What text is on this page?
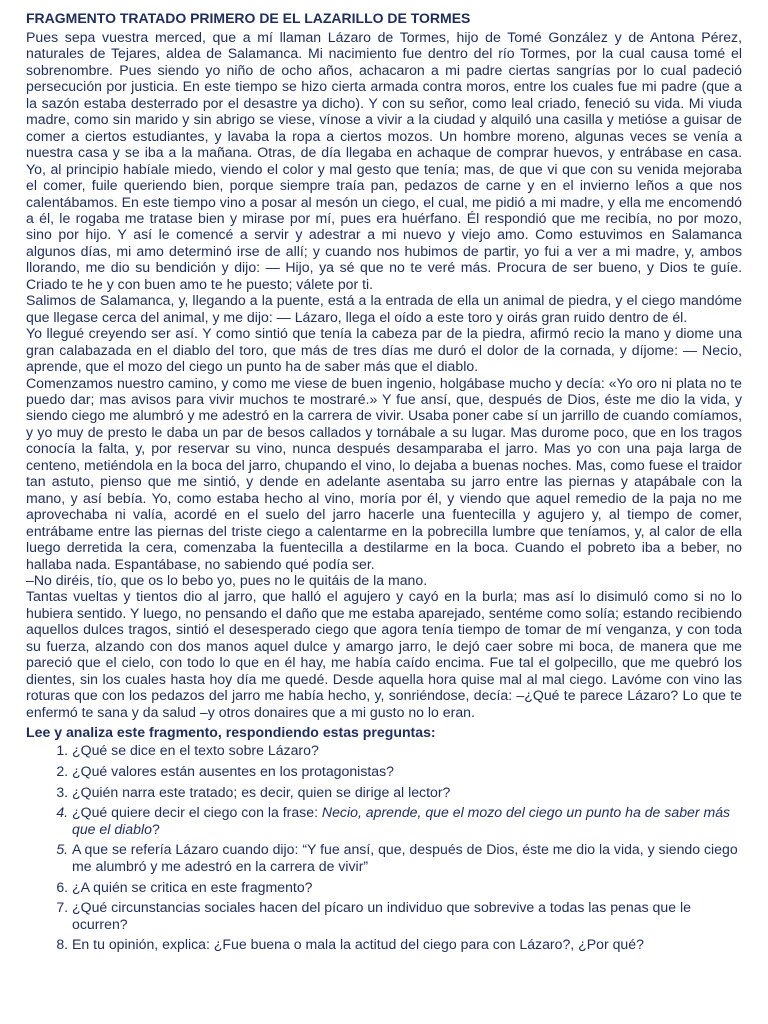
FRAGMENTO TRATADO PRIMERO DE EL LAZARILLO DE TORMES

Pues sepa vuestra merced, que a mí llaman Lázaro de Tormes, hijo de Tomé González y de Antona Pérez, naturales de Tejares, aldea de Salamanca. Mi nacimiento fue dentro del río Tormes, por la cual causa tomé el sobrenombre. Pues siendo yo niño de ocho años, achacaron a mi padre ciertas sangrías por lo cual padeció persecución por justicia. En este tiempo se hizo cierta armada contra moros, entre los cuales fue mi padre (que a la sazón estaba desterrado por el desastre ya dicho). Y con su señor, como leal criado, feneció su vida. Mi viuda madre, como sin marido y sin abrigo se viese, vínose a vivir a la ciudad y alquiló una casilla y metióse a guisar de comer a ciertos estudiantes, y lavaba la ropa a ciertos mozos. Un hombre moreno, algunas veces se venía a nuestra casa y se iba a la mañana. Otras, de día llegaba en achaque de comprar huevos, y entrábase en casa. Yo, al principio habíale miedo, viendo el color y mal gesto que tenía; mas, de que vi que con su venida mejoraba el comer, fuile queriendo bien, porque siempre traía pan, pedazos de carne y en el invierno leños a que nos calentábamos. En este tiempo vino a posar al mesón un ciego, el cual, me pidió a mi madre, y ella me encomendó a él, le rogaba me tratase bien y mirase por mí, pues era huérfano. Él respondió que me recibía, no por mozo, sino por hijo. Y así le comencé a servir y adestrar a mi nuevo y viejo amo. Como estuvimos en Salamanca algunos días, mi amo determinó irse de allí; y cuando nos hubimos de partir, yo fui a ver a mi madre, y, ambos llorando, me dio su bendición y dijo: — Hijo, ya sé que no te veré más. Procura de ser bueno, y Dios te guíe. Criado te he y con buen amo te he puesto; válete por ti.

Salimos de Salamanca, y, llegando a la puente, está a la entrada de ella un animal de piedra, y el ciego mandóme que llegase cerca del animal, y me dijo: — Lázaro, llega el oído a este toro y oirás gran ruido dentro de él.

Yo llegué creyendo ser así. Y como sintió que tenía la cabeza par de la piedra, afirmó recio la mano y diome una gran calabazada en el diablo del toro, que más de tres días me duró el dolor de la cornada, y díjome: — Necio, aprende, que el mozo del ciego un punto ha de saber más que el diablo.

Comenzamos nuestro camino, y como me viese de buen ingenio, holgábase mucho y decía: «Yo oro ni plata no te puedo dar; mas avisos para vivir muchos te mostraré.» Y fue ansí, que, después de Dios, éste me dio la vida, y siendo ciego me alumbró y me adestró en la carrera de vivir. Usaba poner cabe sí un jarrillo de cuando comíamos, y yo muy de presto le daba un par de besos callados y tornábale a su lugar. Mas durome poco, que en los tragos conocía la falta, y, por reservar su vino, nunca después desamparaba el jarro. Mas yo con una paja larga de centeno, metiéndola en la boca del jarro, chupando el vino, lo dejaba a buenas noches. Mas, como fuese el traidor tan astuto, pienso que me sintió, y dende en adelante asentaba su jarro entre las piernas y atapábale con la mano, y así bebía. Yo, como estaba hecho al vino, moría por él, y viendo que aquel remedio de la paja no me aprovechaba ni valía, acordé en el suelo del jarro hacerle una fuentecilla y agujero y, al tiempo de comer, entrábame entre las piernas del triste ciego a calentarme en la pobrecilla lumbre que teníamos, y, al calor de ella luego derretida la cera, comenzaba la fuentecilla a destilarme en la boca. Cuando el pobreto iba a beber, no hallaba nada. Espantábase, no sabiendo qué podía ser.

–No diréis, tío, que os lo bebo yo, pues no le quitáis de la mano.

Tantas vueltas y tientos dio al jarro, que halló el agujero y cayó en la burla; mas así lo disimuló como si no lo hubiera sentido. Y luego, no pensando el daño que me estaba aparejado, sentéme como solía; estando recibiendo aquellos dulces tragos, sintió el desesperado ciego que agora tenía tiempo de tomar de mí venganza, y con toda su fuerza, alzando con dos manos aquel dulce y amargo jarro, le dejó caer sobre mi boca, de manera que me pareció que el cielo, con todo lo que en él hay, me había caído encima. Fue tal el golpecillo, que me quebró los dientes, sin los cuales hasta hoy día me quedé. Desde aquella hora quise mal al mal ciego. Lavóme con vino las roturas que con los pedazos del jarro me había hecho, y, sonriéndose, decía: –¿Qué te parece Lázaro? Lo que te enfermó te sana y da salud –y otros donaires que a mi gusto no lo eran.

Lee y analiza este fragmento, respondiendo estas preguntas:
1. ¿Qué se dice en el texto sobre Lázaro?
2. ¿Qué valores están ausentes en los protagonistas?
3. ¿Quién narra este tratado; es decir, quien se dirige al lector?
4. ¿Qué quiere decir el ciego con la frase: Necio, aprende, que el mozo del ciego un punto ha de saber más que el diablo?
5. A que se refería Lázaro cuando dijo: “Y fue ansí, que, después de Dios, éste me dio la vida, y siendo ciego me alumbró y me adestró en la carrera de vivir”
6. ¿A quién se critica en este fragmento?
7. ¿Qué circunstancias sociales hacen del pícaro un individuo que sobrevive a todas las penas que le ocurren?
8. En tu opinión, explica: ¿Fue buena o mala la actitud del ciego para con Lázaro?, ¿Por qué?
